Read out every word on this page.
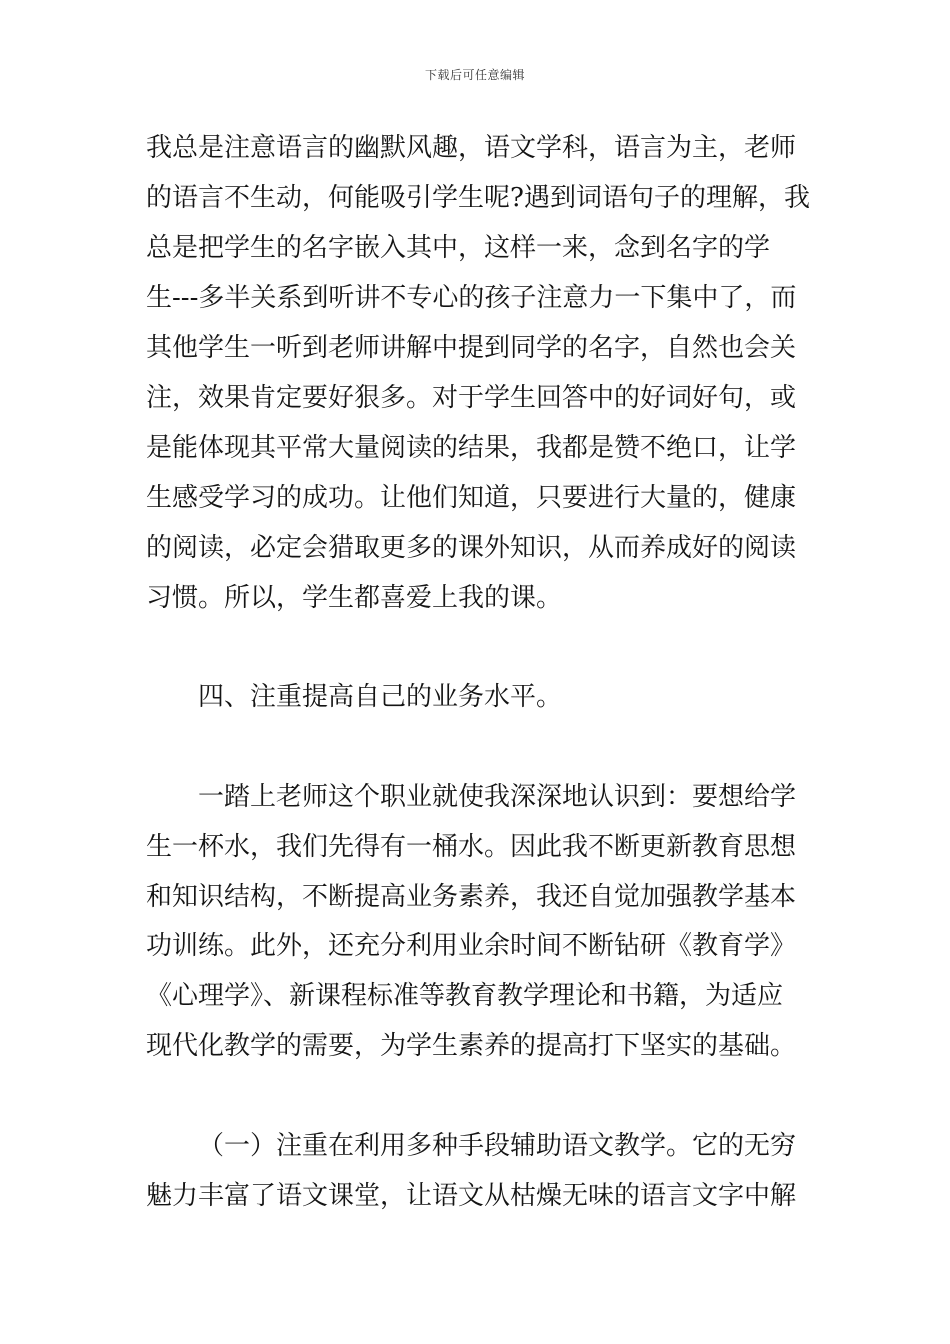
下载后可任意编辑
我总是注意语言的幽默风趣，语文学科，语言为主，老师
的语言不生动，何能吸引学生呢?遇到词语句子的理解，我
总是把学生的名字嵌入其中，这样一来，念到名字的学
生---多半关系到听讲不专心的孩子注意力一下集中了，而
其他学生一听到老师讲解中提到同学的名字，自然也会关
注，效果肯定要好狠多。对于学生回答中的好词好句，或
是能体现其平常大量阅读的结果，我都是赞不绝口，让学
生感受学习的成功。让他们知道，只要进行大量的，健康
的阅读，必定会猎取更多的课外知识，从而养成好的阅读
习惯。所以，学生都喜爱上我的课。
四、注重提高自己的业务水平。
一踏上老师这个职业就使我深深地认识到：要想给学
生一杯水，我们先得有一桶水。因此我不断更新教育思想
和知识结构，不断提高业务素养，我还自觉加强教学基本
功训练。此外，还充分利用业余时间不断钻研《教育学》
《心理学》、新课程标准等教育教学理论和书籍，为适应
现代化教学的需要，为学生素养的提高打下坚实的基础。
（一）注重在利用多种手段辅助语文教学。它的无穷
魅力丰富了语文课堂，让语文从枯燥无味的语言文字中解
